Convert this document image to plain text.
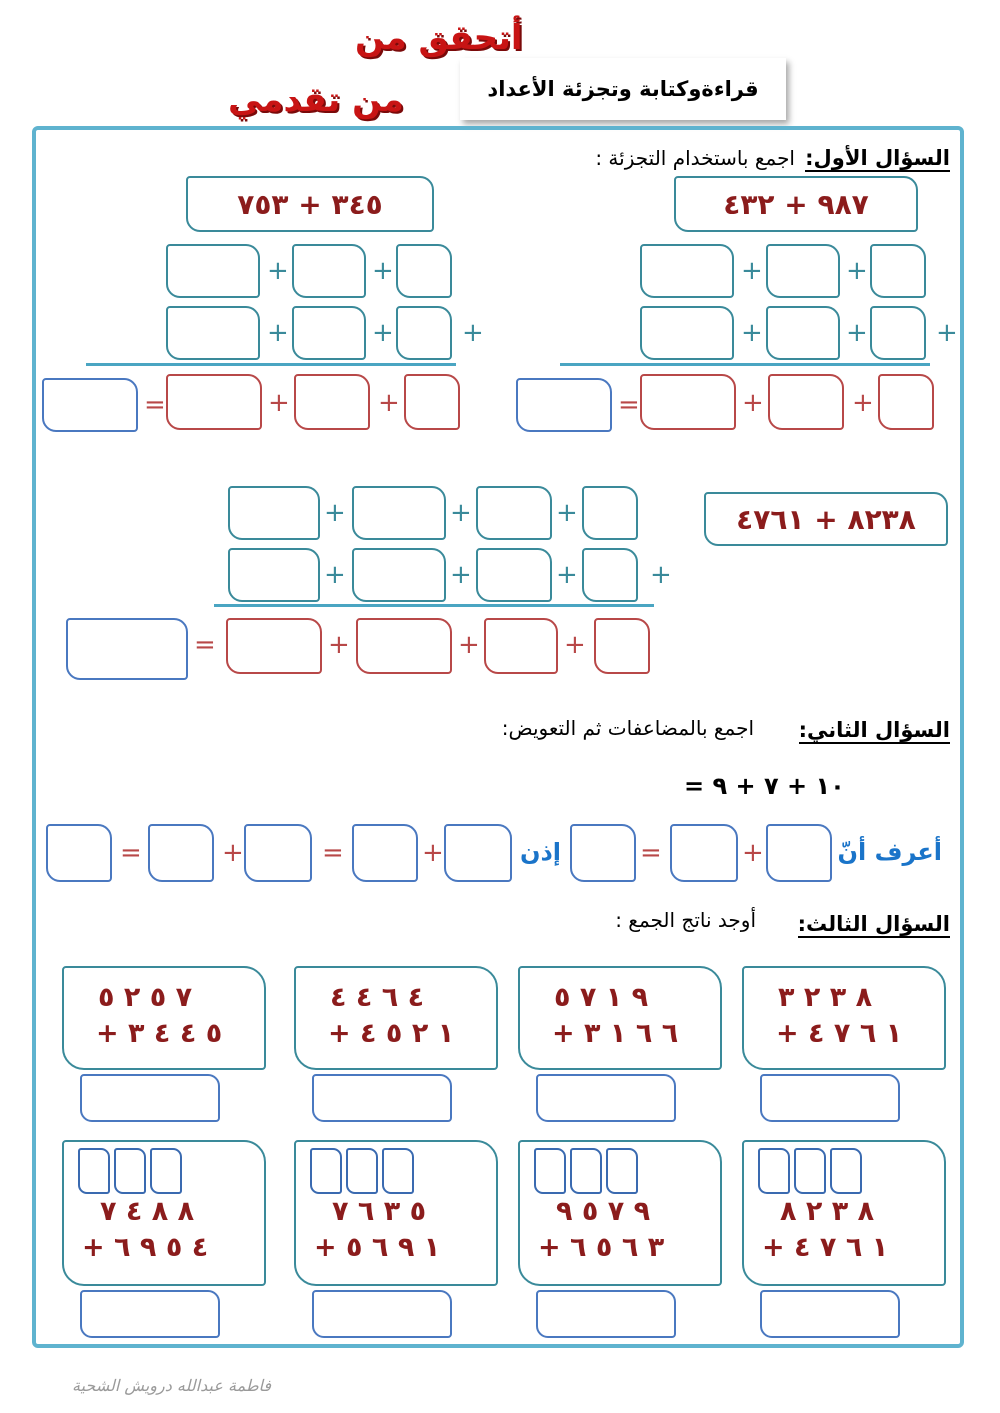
أتحقق من
من تقدمي	قراءةوكتابة وتجزئة الأعداد
السؤال الأول:
اجمع باستخدام التجزئة :
٩٨٧ + ٤٣٢
٣٤٥ + ٧٥٣
٨٢٣٨ + ٤٧٦١
السؤال الثاني:
اجمع بالمضاعفات ثم التعويض:
١٠ + ٧ + ٩ =
أعرف أنّ
إذن
السؤال الثالث:
أوجد ناتج الجمع :
فاطمة عبدالله درويش الشحية
+	+
+	+	+
=	+	+
+	+
+	+	+
=	+	+
+	+	+
+	+	+	+
=	+	+	+
+
=
+
=
+
=
٨ ٣ ٢ ٣
١ ٦ ٧ ٤ +
٩ ١ ٧ ٥
٦ ٦ ١ ٣ +
٤ ٦ ٤ ٤
١ ٢ ٥ ٤ +
٧ ٥ ٢ ٥
٥ ٤ ٤ ٣ +
٨ ٣ ٢ ٨
١ ٦ ٧ ٤ +
٩ ٧ ٥ ٩
٣ ٦ ٥ ٦ +
٥ ٣ ٦ ٧
١ ٩ ٦ ٥ +
٨ ٨ ٤ ٧
٤ ٥ ٩ ٦ +
